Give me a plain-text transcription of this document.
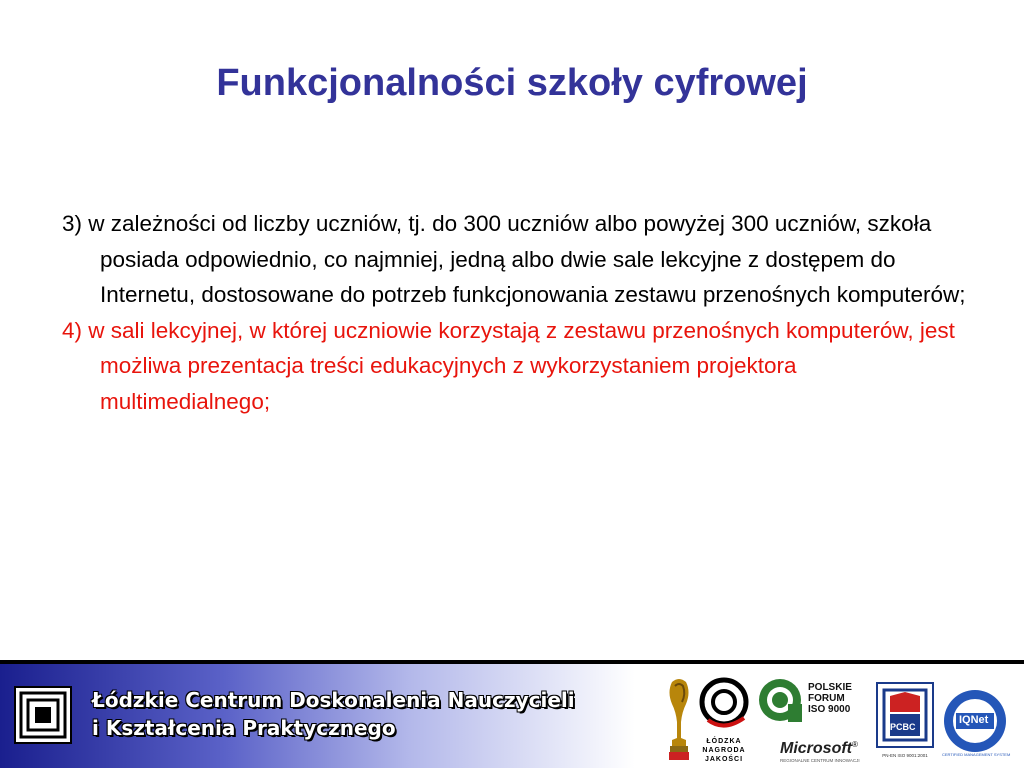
Funkcjonalności szkoły cyfrowej

3) w zależności od liczby uczniów, tj. do 300 uczniów albo powyżej 300 uczniów, szkoła posiada odpowiednio, co najmniej, jedną albo dwie sale lekcyjne z dostępem do Internetu, dostosowane do potrzeb funkcjonowania zestawu przenośnych komputerów;

4) w sali lekcyjnej, w której uczniowie korzystają z zestawu przenośnych komputerów, jest możliwa prezentacja treści edukacyjnych z wykorzystaniem projektora multimedialnego;

Łódzkie Centrum Doskonalenia Nauczycieli
i Kształcenia Praktycznego
ŁÓDZKA NAGRODA JAKOŚCI
POLSKIE FORUM ISO 9000
Microsoft®
REGIONALNE CENTRUM INNOWACJI
PCBC
PN-EN ISO 9001:2001
IQNet
CERTIFIED MANAGEMENT SYSTEM
